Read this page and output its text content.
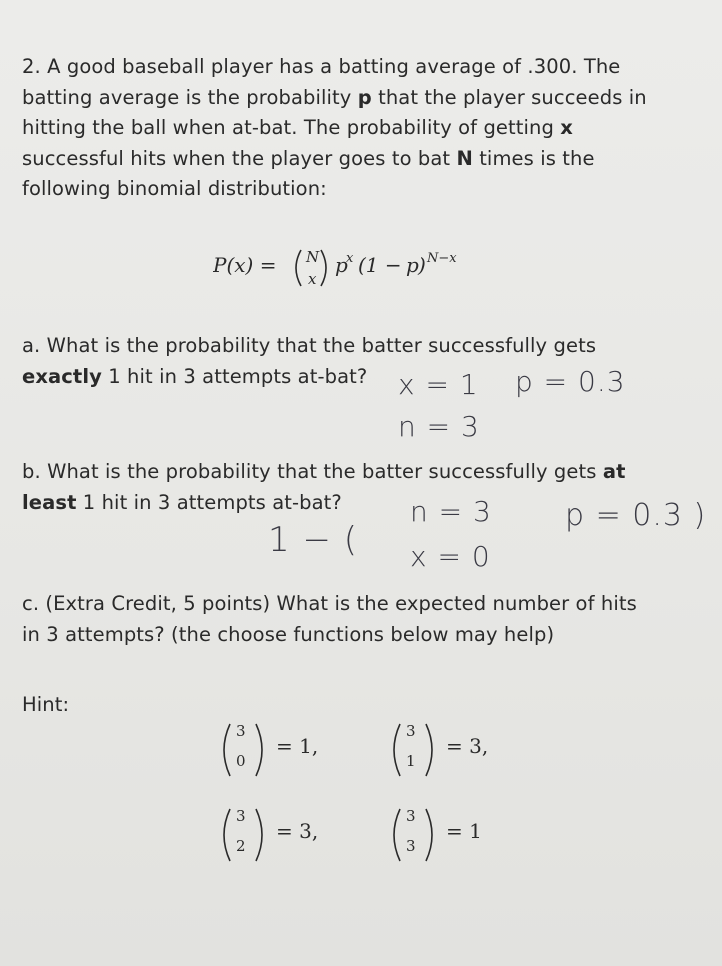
2. A good baseball player has a batting average of .300. The
batting average is the probability p that the player succeeds in
hitting the ball when at-bat. The probability of getting x
successful hits when the player goes to bat N times is the
following binomial distribution:
P(x) = N
x
p
x (1 − p ) N−x
a. What is the probability that the batter successfully gets
exactly 1 hit in 3 attempts at-bat?
b. What is the probability that the batter successfully gets at
least 1 hit in 3 attempts at-bat?
c. (Extra Credit, 5 points) What is the expected number of hits
in 3 attempts? (the choose functions below may help)
Hint:
3
0
= 1,
3
1
= 3,
3
2
= 3,
3
3
= 1
x = 1 p = 0.3
n = 3
1 − (
n = 3 p = 0.3 )
x = 0
